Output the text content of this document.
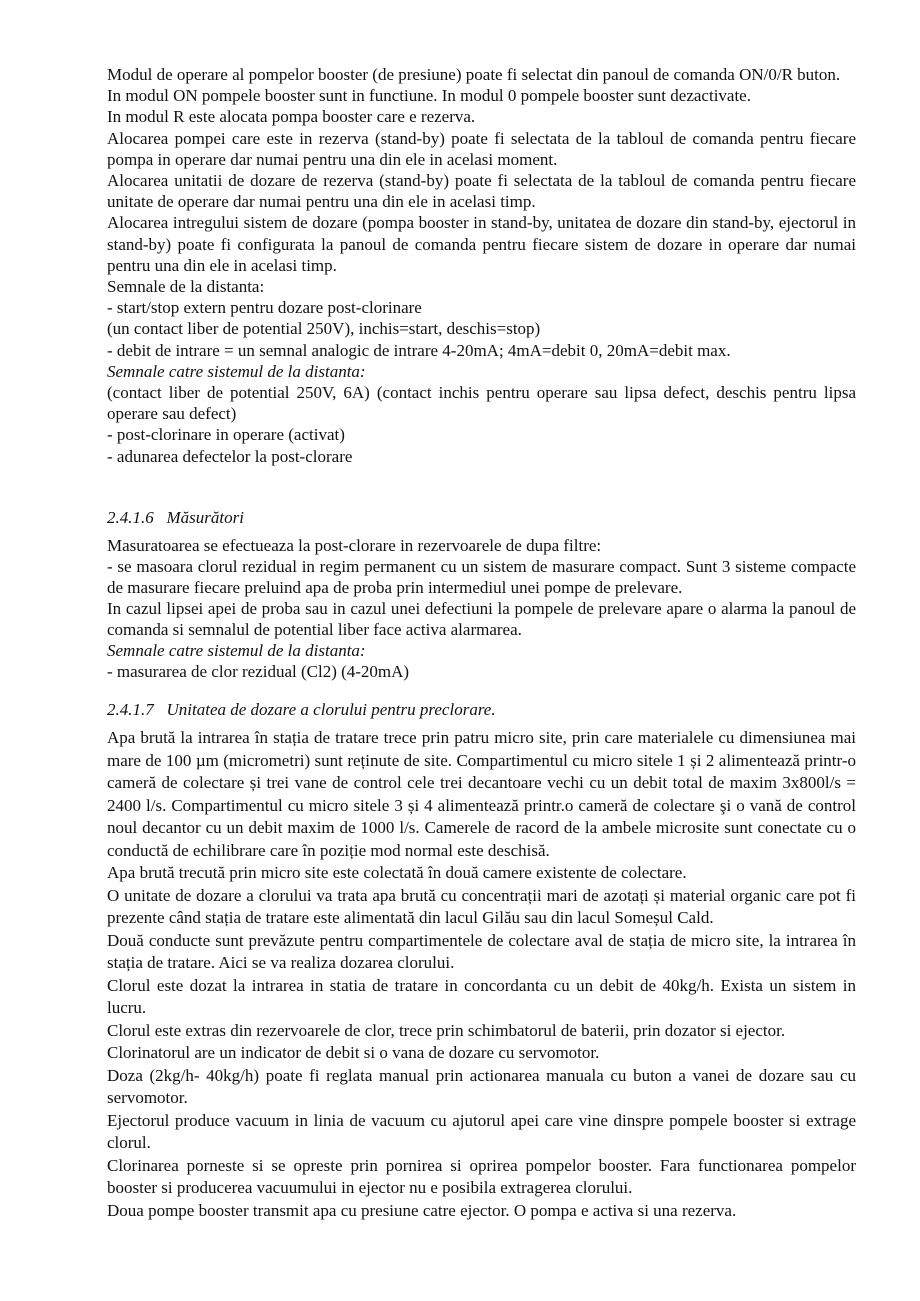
Modul de operare al pompelor booster (de presiune) poate fi selectat din panoul de comanda ON/0/R buton.

In modul ON pompele booster sunt in functiune. In modul 0 pompele booster sunt dezactivate.

In modul R este alocata pompa booster care e rezerva.

Alocarea pompei care este in rezerva (stand-by) poate fi selectata de la tabloul de comanda pentru fiecare pompa in operare dar numai pentru una din ele in acelasi moment.

Alocarea unitatii de dozare de rezerva (stand-by) poate fi selectata de la tabloul de comanda pentru fiecare unitate de operare dar numai pentru una din ele in acelasi timp.

Alocarea intregului sistem de dozare (pompa booster in stand-by, unitatea de dozare din stand-by, ejectorul in stand-by) poate fi configurata la panoul de comanda pentru fiecare sistem de dozare in operare dar numai pentru una din ele in acelasi timp.

Semnale de la distanta:

- start/stop extern pentru dozare post-clorinare

(un contact liber de potential 250V), inchis=start, deschis=stop)

- debit de intrare = un semnal analogic de intrare 4-20mA; 4mA=debit 0, 20mA=debit max.

Semnale catre sistemul de la distanta:

(contact liber de potential 250V, 6A) (contact inchis pentru operare sau lipsa defect, deschis pentru lipsa operare sau defect)

- post-clorinare in operare (activat)

- adunarea defectelor la post-clorare

2.4.1.6 Măsurători

Masuratoarea se efectueaza la post-clorare in rezervoarele de dupa filtre:

- se masoara clorul rezidual in regim permanent cu un sistem de masurare compact. Sunt 3 sisteme compacte de masurare fiecare preluind apa de proba prin intermediul unei pompe de prelevare.

In cazul lipsei apei de proba sau in cazul unei defectiuni la pompele de prelevare apare o alarma la panoul de comanda si semnalul de potential liber face activa alarmarea.

Semnale catre sistemul de la distanta:

- masurarea de clor rezidual (Cl2) (4-20mA)

2.4.1.7 Unitatea de dozare a clorului pentru preclorare.

Apa brută la intrarea în stația de tratare trece prin patru micro site, prin care materialele cu dimensiunea mai mare de 100 µm (micrometri) sunt reținute de site. Compartimentul cu micro sitele 1 și 2 alimentează printr-o cameră de colectare și trei vane de control cele trei decantoare vechi cu un debit total de maxim 3x800l/s = 2400 l/s. Compartimentul cu micro sitele 3 și 4 alimentează printr.o cameră de colectare şi o vană de control noul decantor cu un debit maxim de 1000 l/s. Camerele de racord de la ambele microsite sunt conectate cu o conductă de echilibrare care în poziție mod normal este deschisă.

Apa brută trecută prin micro site este colectată în două camere existente de colectare.

O unitate de dozare a clorului va trata apa brută cu concentrații mari de azotați și material organic care pot fi prezente când stația de tratare este alimentată din lacul Gilău sau din lacul Someșul Cald.

Două conducte sunt prevăzute pentru compartimentele de colectare aval de stația de micro site, la intrarea în stația de tratare. Aici se va realiza dozarea clorului.

Clorul este dozat la intrarea in statia de tratare in concordanta cu un debit de 40kg/h. Exista un sistem in lucru.

Clorul este extras din rezervoarele de clor, trece prin schimbatorul de baterii, prin dozator si ejector.

Clorinatorul are un indicator de debit si o vana de dozare cu servomotor.

Doza (2kg/h- 40kg/h) poate fi reglata manual prin actionarea manuala cu buton a vanei de dozare sau cu servomotor.

Ejectorul produce vacuum in linia de vacuum cu ajutorul apei care vine dinspre pompele booster si extrage clorul.

Clorinarea porneste si se opreste prin pornirea si oprirea pompelor booster. Fara functionarea pompelor booster si producerea vacuumului in ejector nu e posibila extragerea clorului.

Doua pompe booster transmit apa cu presiune catre ejector. O pompa e activa si una rezerva.
